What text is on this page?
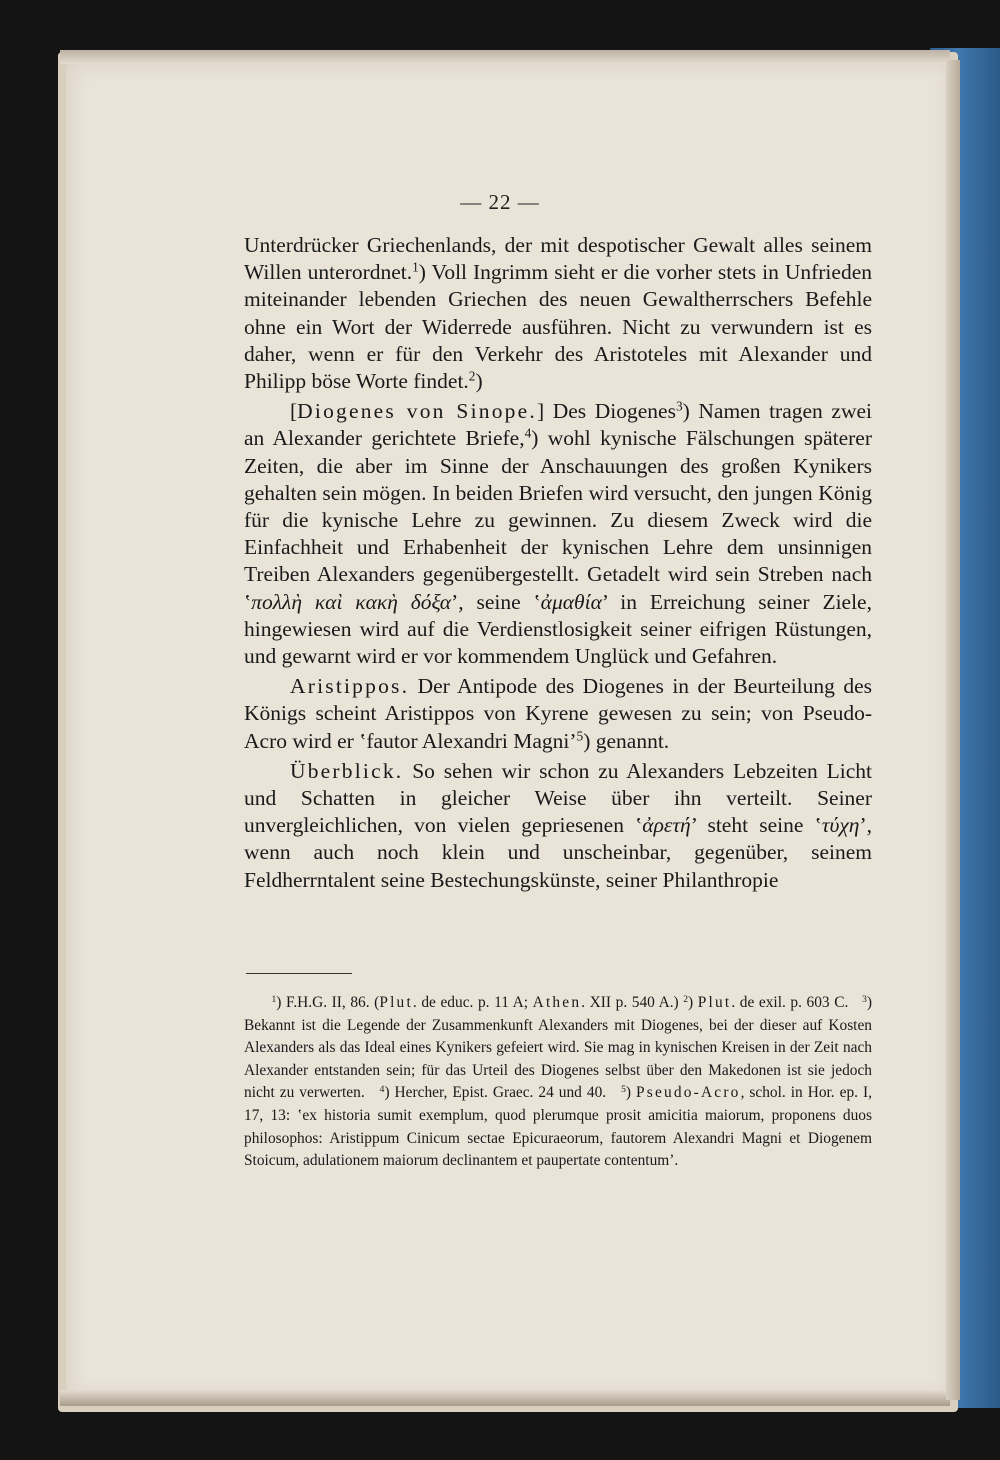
— 22 —

Unterdrücker Griechenlands, der mit despotischer Gewalt alles seinem Willen unterordnet.$^1$) Voll Ingrimm sieht er die vorher stets in Unfrieden miteinander lebenden Griechen des neuen Gewaltherrschers Befehle ohne ein Wort der Widerrede ausführen. Nicht zu verwundern ist es daher, wenn er für den Verkehr des Aristoteles mit Alexander und Philipp böse Worte findet.$^2$)

[Diogenes von Sinope.] Des Diogenes$^3$) Namen tragen zwei an Alexander gerichtete Briefe,$^4$) wohl kynische Fälschungen späterer Zeiten, die aber im Sinne der Anschauungen des großen Kynikers gehalten sein mögen. In beiden Briefen wird versucht, den jungen König für die kynische Lehre zu gewinnen. Zu diesem Zweck wird die Einfachheit und Erhabenheit der kynischen Lehre dem unsinnigen Treiben Alexanders gegenübergestellt. Getadelt wird sein Streben nach ʽπολλὴ καὶ κακὴ δόξα’, seine ʽἀμαθία’ in Erreichung seiner Ziele, hingewiesen wird auf die Verdienstlosigkeit seiner eifrigen Rüstungen, und gewarnt wird er vor kommendem Unglück und Gefahren.

Aristippos. Der Antipode des Diogenes in der Beurteilung des Königs scheint Aristippos von Kyrene gewesen zu sein; von Pseudo-Acro wird er ʽfautor Alexandri Magni’$^5$) genannt.

Überblick. So sehen wir schon zu Alexanders Lebzeiten Licht und Schatten in gleicher Weise über ihn verteilt. Seiner unvergleichlichen, von vielen gepriesenen ʽἀρετή’ steht seine ʽτύχη’, wenn auch noch klein und unscheinbar, gegenüber, seinem Feldherrntalent seine Bestechungskünste, seiner Philanthropie

$^1$) F.H.G. II, 86. (Plut. de educ. p. 11 A; Athen. XII p. 540 A.) $^2$) Plut. de exil. p. 603 C.   $^3$) Bekannt ist die Legende der Zusammenkunft Alexanders mit Diogenes, bei der dieser auf Kosten Alexanders als das Ideal eines Kynikers gefeiert wird. Sie mag in kynischen Kreisen in der Zeit nach Alexander entstanden sein; für das Urteil des Diogenes selbst über den Makedonen ist sie jedoch nicht zu verwerten.   $^4$) Hercher, Epist. Graec. 24 und 40.   $^5$) Pseudo-Acro, schol. in Hor. ep. I, 17, 13: ʽex historia sumit exemplum, quod plerumque prosit amicitia maiorum, proponens duos philosophos: Aristippum Cinicum sectae Epicuraeorum, fautorem Alexandri Magni et Diogenem Stoicum, adulationem maiorum declinantem et paupertate contentum’.
